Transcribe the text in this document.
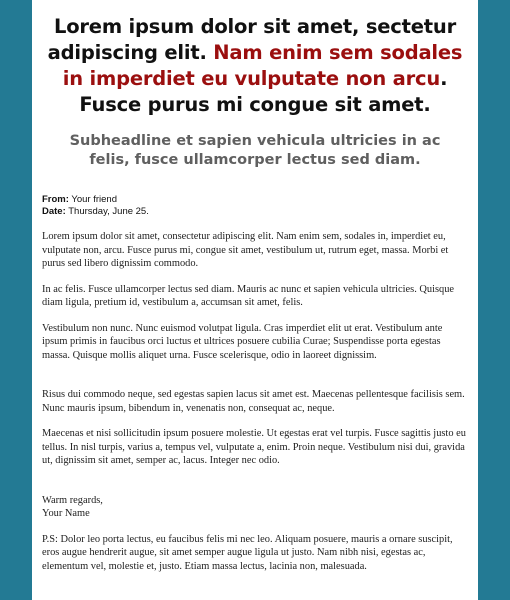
Lorem ipsum dolor sit amet, sectetur adipiscing elit. Nam enim sem sodales in imperdiet eu vulputate non arcu. Fusce purus mi congue sit amet.
Subheadline et sapien vehicula ultricies in ac felis, fusce ullamcorper lectus sed diam.
From: Your friend
Date: Thursday, June 25.

Lorem ipsum dolor sit amet, consectetur adipiscing elit. Nam enim sem, sodales in, imperdiet eu, vulputate non, arcu. Fusce purus mi, congue sit amet, vestibulum ut, rutrum eget, massa. Morbi et purus sed libero dignissim commodo.

In ac felis. Fusce ullamcorper lectus sed diam. Mauris ac nunc et sapien vehicula ultricies. Quisque diam ligula, pretium id, vestibulum a, accumsan sit amet, felis.

Vestibulum non nunc. Nunc euismod volutpat ligula. Cras imperdiet elit ut erat. Vestibulum ante ipsum primis in faucibus orci luctus et ultrices posuere cubilia Curae; Suspendisse porta egestas massa. Quisque mollis aliquet urna. Fusce scelerisque, odio in laoreet dignissim.

Risus dui commodo neque, sed egestas sapien lacus sit amet est. Maecenas pellentesque facilisis sem. Nunc mauris ipsum, bibendum in, venenatis non, consequat ac, neque.

Maecenas et nisi sollicitudin ipsum posuere molestie. Ut egestas erat vel turpis. Fusce sagittis justo eu tellus. In nisl turpis, varius a, tempus vel, vulputate a, enim. Proin neque. Vestibulum nisi dui, gravida ut, dignissim sit amet, semper ac, lacus. Integer nec odio.

Warm regards,
Your Name

P.S: Dolor leo porta lectus, eu faucibus felis mi nec leo. Aliquam posuere, mauris a ornare suscipit, eros augue hendrerit augue, sit amet semper augue ligula ut justo. Nam nibh nisi, egestas ac, elementum vel, molestie et, justo. Etiam massa lectus, lacinia non, malesuada.
